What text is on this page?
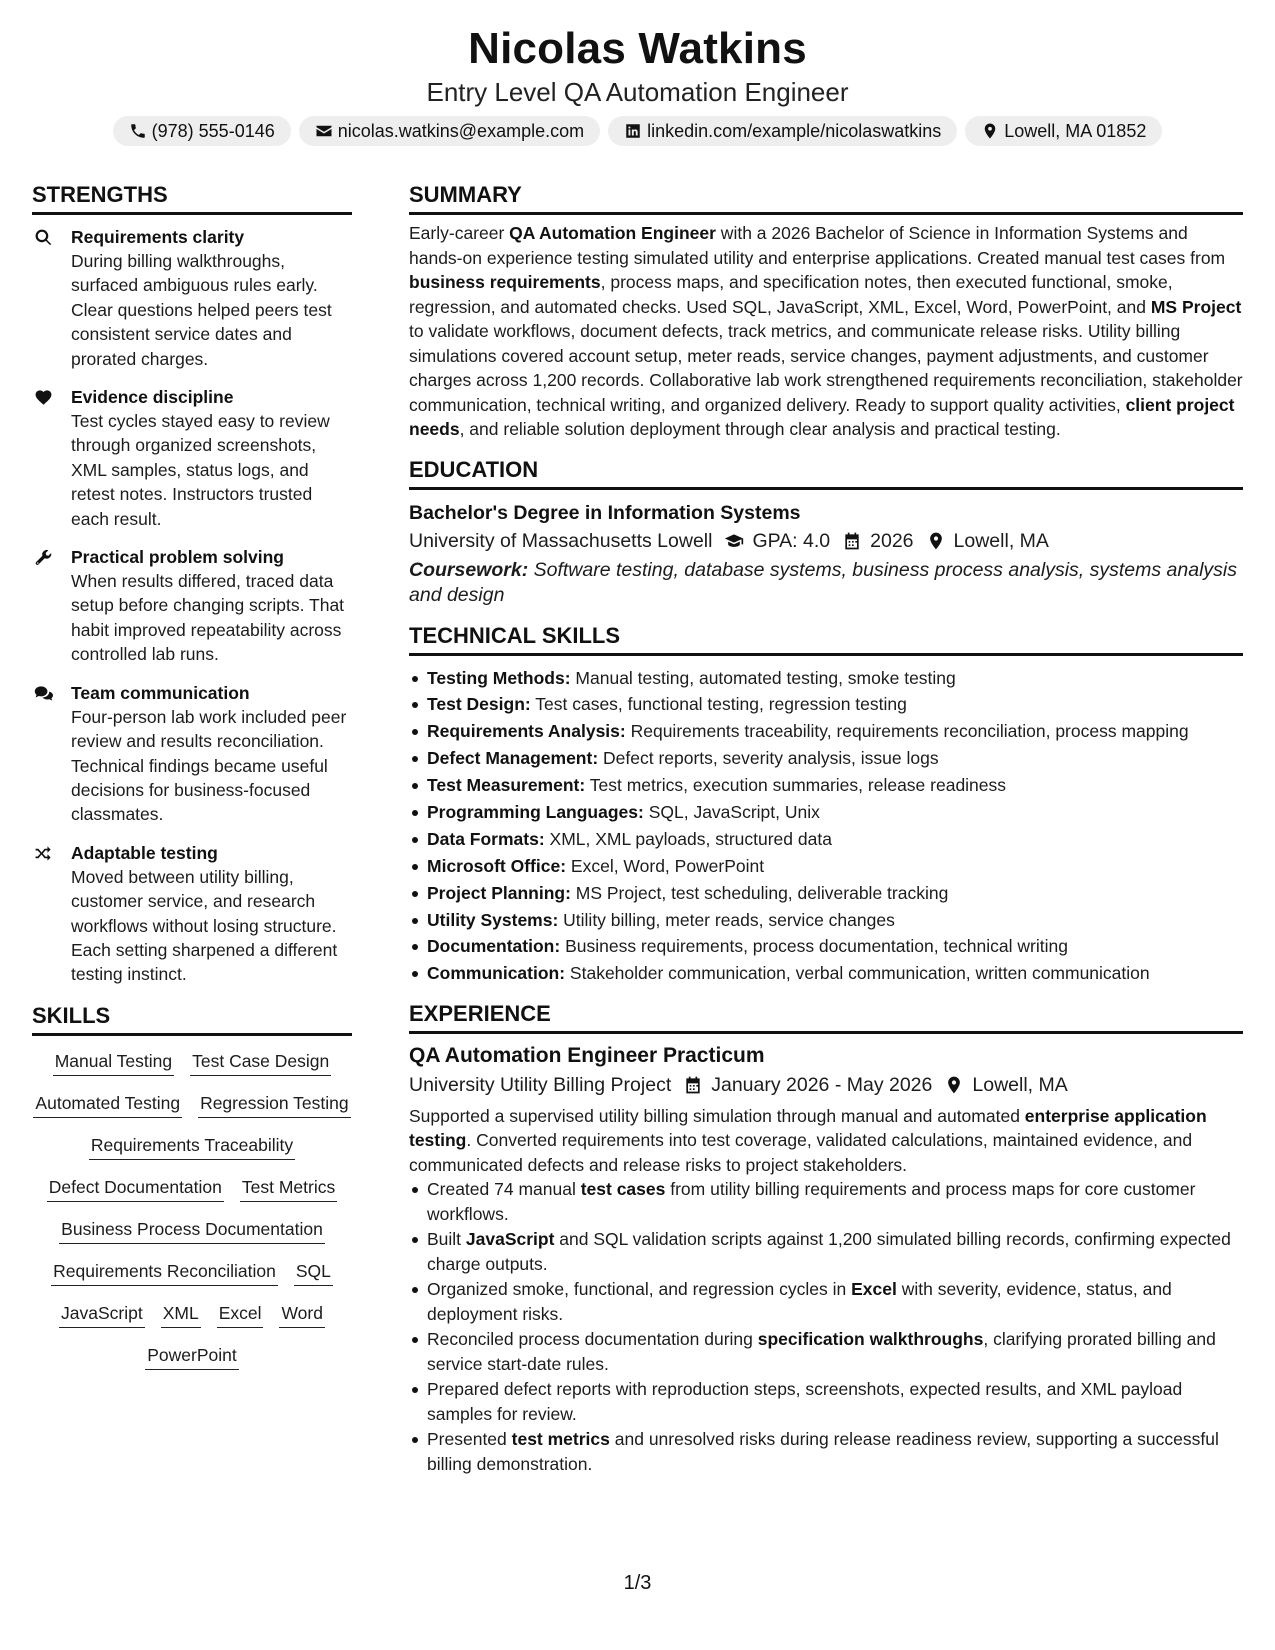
Nicolas Watkins
Entry Level QA Automation Engineer
(978) 555-0146	nicolas.watkins@example.com	linkedin.com/example/nicolaswatkins	Lowell, MA 01852
STRENGTHS
Requirements clarity
During billing walkthroughs, surfaced ambiguous rules early. Clear questions helped peers test consistent service dates and prorated charges.
Evidence discipline
Test cycles stayed easy to review through organized screenshots, XML samples, status logs, and retest notes. Instructors trusted each result.
Practical problem solving
When results differed, traced data setup before changing scripts. That habit improved repeatability across controlled lab runs.
Team communication
Four-person lab work included peer review and results reconciliation. Technical findings became useful decisions for business-focused classmates.
Adaptable testing
Moved between utility billing, customer service, and research workflows without losing structure. Each setting sharpened a different testing instinct.
SKILLS
Manual Testing Test Case Design
Automated Testing Regression Testing
Requirements Traceability
Defect Documentation Test Metrics
Business Process Documentation
Requirements Reconciliation SQL
JavaScript XML Excel Word
PowerPoint
SUMMARY

Early-career QA Automation Engineer with a 2026 Bachelor of Science in Information Systems and hands-on experience testing simulated utility and enterprise applications. Created manual test cases from business requirements, process maps, and specification notes, then executed functional, smoke, regression, and automated checks. Used SQL, JavaScript, XML, Excel, Word, PowerPoint, and MS Project to validate workflows, document defects, track metrics, and communicate release risks. Utility billing simulations covered account setup, meter reads, service changes, payment adjustments, and customer charges across 1,200 records. Collaborative lab work strengthened requirements reconciliation, stakeholder communication, technical writing, and organized delivery. Ready to support quality activities, client project needs, and reliable solution deployment through clear analysis and practical testing.

EDUCATION
Bachelor's Degree in Information Systems
University of Massachusetts Lowell GPA: 4.0 2026 Lowell, MA
Coursework: Software testing, database systems, business process analysis, systems analysis and design
TECHNICAL SKILLS
Testing Methods: Manual testing, automated testing, smoke testing
Test Design: Test cases, functional testing, regression testing
Requirements Analysis: Requirements traceability, requirements reconciliation, process mapping
Defect Management: Defect reports, severity analysis, issue logs
Test Measurement: Test metrics, execution summaries, release readiness
Programming Languages: SQL, JavaScript, Unix
Data Formats: XML, XML payloads, structured data
Microsoft Office: Excel, Word, PowerPoint
Project Planning: MS Project, test scheduling, deliverable tracking
Utility Systems: Utility billing, meter reads, service changes
Documentation: Business requirements, process documentation, technical writing
Communication: Stakeholder communication, verbal communication, written communication
EXPERIENCE
QA Automation Engineer Practicum
University Utility Billing Project January 2026 - May 2026 Lowell, MA

Supported a supervised utility billing simulation through manual and automated enterprise application testing. Converted requirements into test coverage, validated calculations, maintained evidence, and communicated defects and release risks to project stakeholders.

Created 74 manual test cases from utility billing requirements and process maps for core customer workflows.
Built JavaScript and SQL validation scripts against 1,200 simulated billing records, confirming expected charge outputs.
Organized smoke, functional, and regression cycles in Excel with severity, evidence, status, and deployment risks.
Reconciled process documentation during specification walkthroughs, clarifying prorated billing and service start-date rules.
Prepared defect reports with reproduction steps, screenshots, expected results, and XML payload samples for review.
Presented test metrics and unresolved risks during release readiness review, supporting a successful billing demonstration.
1/3
